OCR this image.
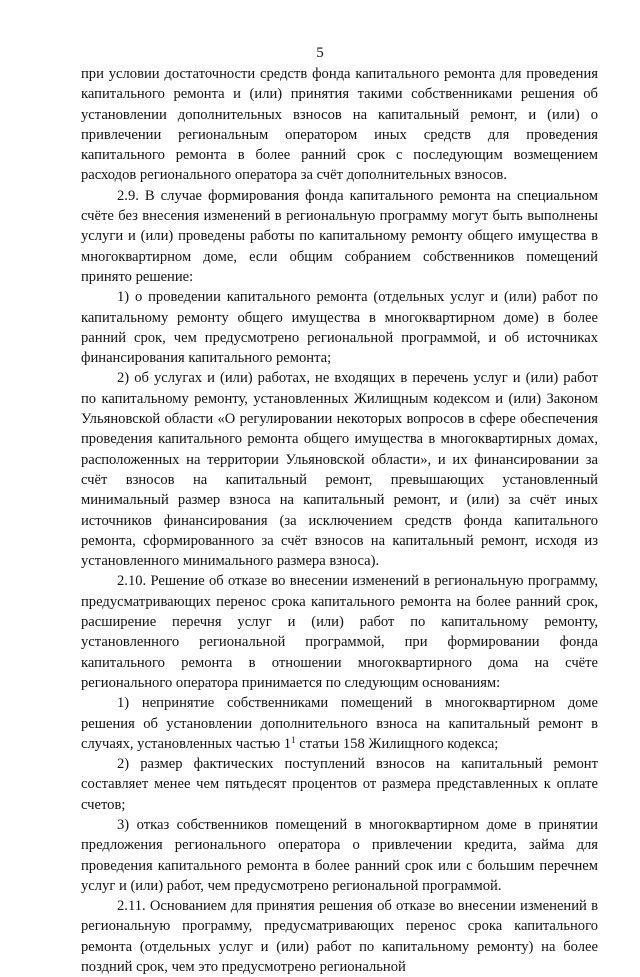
5

при условии достаточности средств фонда капитального ремонта для проведения капитального ремонта и (или) принятия такими собственниками решения об установлении дополнительных взносов на капитальный ремонт, и (или) о привлечении региональным оператором иных средств для проведения капитального ремонта в более ранний срок с последующим возмещением расходов регионального оператора за счёт дополнительных взносов.

2.9. В случае формирования фонда капитального ремонта на специальном счёте без внесения изменений в региональную программу могут быть выполнены услуги и (или) проведены работы по капитальному ремонту общего имущества в многоквартирном доме, если общим собранием собственников помещений принято решение:

1) о проведении капитального ремонта (отдельных услуг и (или) работ по капитальному ремонту общего имущества в многоквартирном доме) в более ранний срок, чем предусмотрено региональной программой, и об источниках финансирования капитального ремонта;

2) об услугах и (или) работах, не входящих в перечень услуг и (или) работ по капитальному ремонту, установленных Жилищным кодексом и (или) Законом Ульяновской области «О регулировании некоторых вопросов в сфере обеспечения проведения капитального ремонта общего имущества в многоквартирных домах, расположенных на территории Ульяновской области», и их финансировании за счёт взносов на капитальный ремонт, превышающих установленный минимальный размер взноса на капитальный ремонт, и (или) за счёт иных источников финансирования (за исключением средств фонда капитального ремонта, сформированного за счёт взносов на капитальный ремонт, исходя из установленного минимального размера взноса).

2.10. Решение об отказе во внесении изменений в региональную программу, предусматривающих перенос срока капитального ремонта на более ранний срок, расширение перечня услуг и (или) работ по капитальному ремонту, установленного региональной программой, при формировании фонда капитального ремонта в отношении многоквартирного дома на счёте регионального оператора принимается по следующим основаниям:

1) непринятие собственниками помещений в многоквартирном доме решения об установлении дополнительного взноса на капитальный ремонт в случаях, установленных частью $1^1$ статьи 158 Жилищного кодекса;

2) размер фактических поступлений взносов на капитальный ремонт составляет менее чем пятьдесят процентов от размера представленных к оплате счетов;

3) отказ собственников помещений в многоквартирном доме в принятии предложения регионального оператора о привлечении кредита, займа для проведения капитального ремонта в более ранний срок или с большим перечнем услуг и (или) работ, чем предусмотрено региональной программой.

2.11. Основанием для принятия решения об отказе во внесении изменений в региональную программу, предусматривающих перенос срока капитального ремонта (отдельных услуг и (или) работ по капитальному ремонту) на более поздний срок, чем это предусмотрено региональной
